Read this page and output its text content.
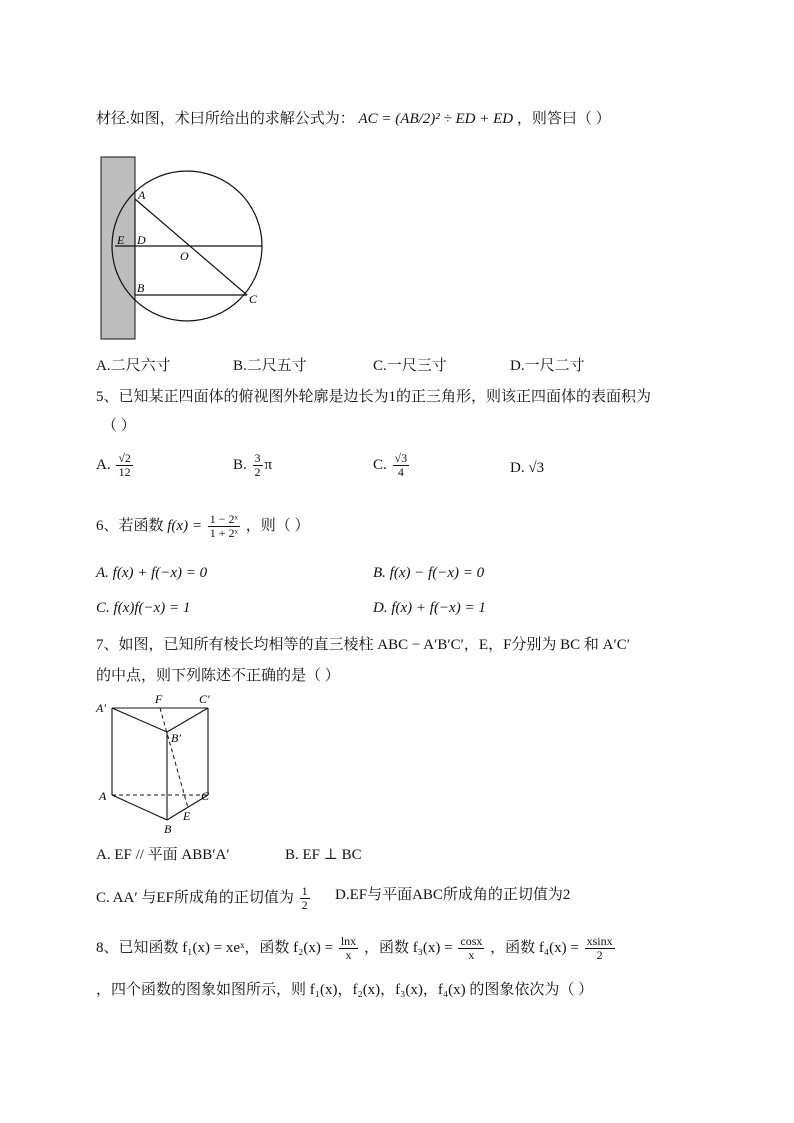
材径.如图，术曰所给出的求解公式为： AC = (AB/2)² ÷ ED + ED ，则答曰（ ）
A
E D
O
B
C
A.二尺六寸	B.二尺五寸	C.一尺三寸	D.一尺二寸
5、已知某正四面体的俯视图外轮廓是边长为1的正三角形，则该正四面体的表面积为
（ ）
A. $\frac{√2}{12}$	B. $\frac{3}{2}$ π	C. $\frac{√3}{4}$	D. √3
6、若函数 $f(x) = \frac{\text{1 − 2ˣ}}{\text{1 + 2ˣ}}$ ，则（ ）
A. f(x) + f(−x) = 0	B. f(x) − f(−x) = 0
C. f(x)f(−x) = 1	D. f(x) + f(−x) = 1
7、如图，已知所有棱长均相等的直三棱柱 ABC − A′B′C′，E，F分别为 BC 和 A′C′
的中点，则下列陈述不正确的是（ ）
A′
F	C′
B′
A	C
E
B
A. EF // 平面 ABB′A′	B. EF ⊥ BC
C. AA′ 与EF所成角的正切值为 $\frac{1}{2} D.EF$与平面ABC所成角的正切值为2
8、已知函数 f₁(x) = xeˣ，函数 $f_2(x) = \frac{\ln x}{x}$ ，函数 $f_3(x) = \frac{\cos x}{x}$ ，函数 $f_4(x) = \frac{xsinx}{2}$
，四个函数的图象如图所示，则 f₁(x)，f₂(x)，f₃(x)，f₄(x) 的图象依次为（ ）
